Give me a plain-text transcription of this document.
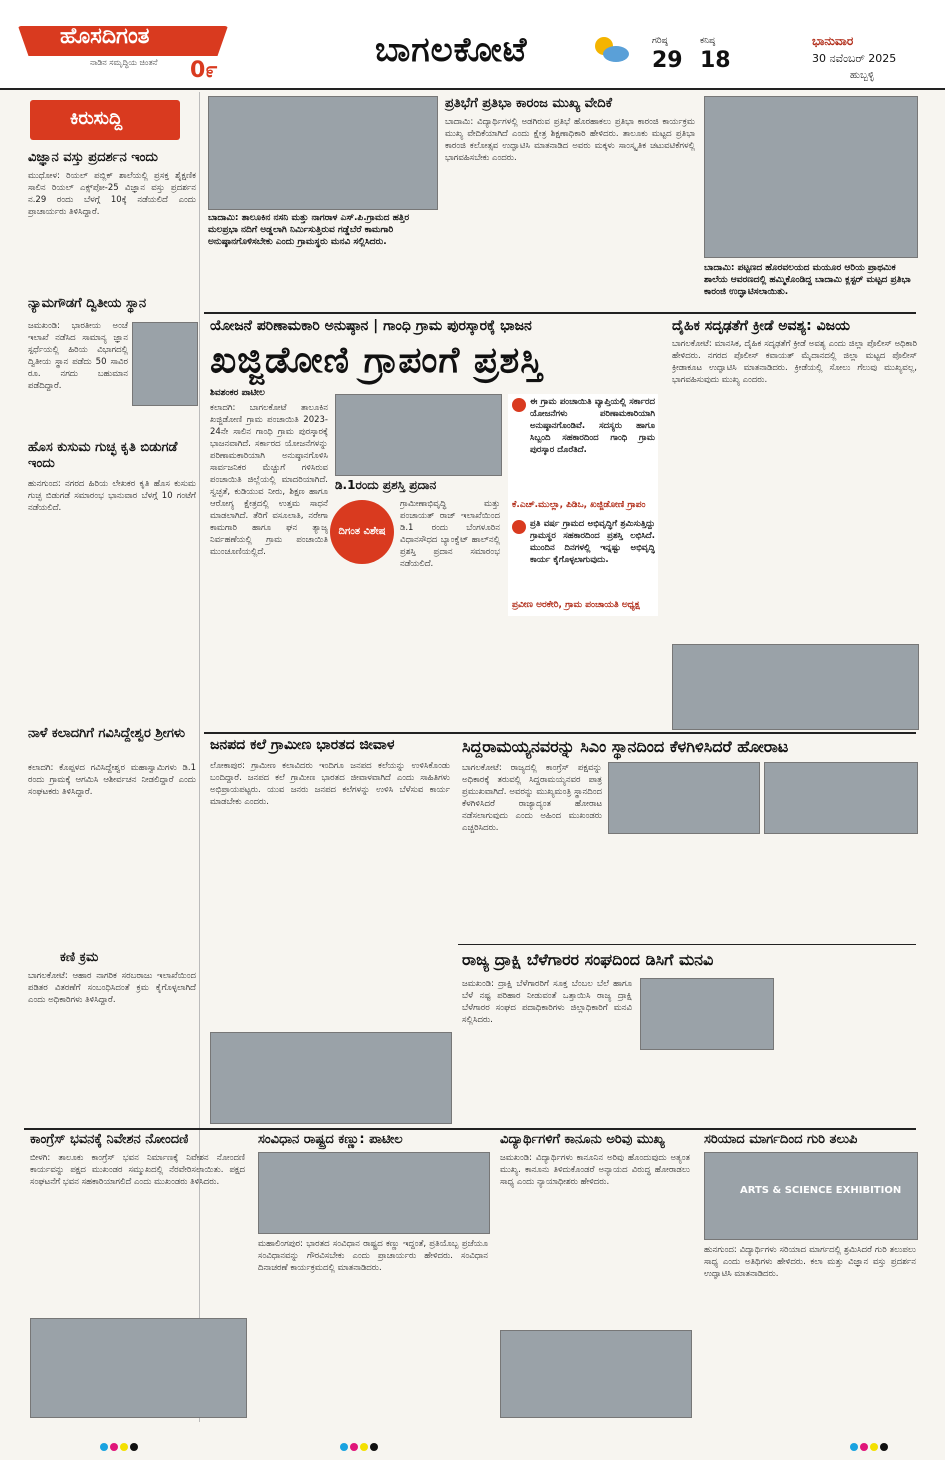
ಹೊಸದಿಗಂತ
ನಾಡಿನ ಸಮೃದ್ಧಿಯ ಚಿಂತನೆ 0೯
ಬಾಗಲಕೋಟೆ	ಗರಿಷ್ಠ
29
ಕನಿಷ್ಠ
18
ಭಾನುವಾರ
30 ನವೆಂಬರ್ 2025
ಹುಬ್ಬಳ್ಳಿ
ಕಿರುಸುದ್ದಿ
ವಿಜ್ಞಾನ ವಸ್ತು ಪ್ರದರ್ಶನ ಇಂದು
ಮುಧೋಳ: ರಿಯಲ್ ಪಬ್ಲಿಕ್ ಶಾಲೆಯಲ್ಲಿ ಪ್ರಸಕ್ತ ಶೈಕ್ಷಣಿಕ ಸಾಲಿನ ರಿಯಲ್ ಎಕ್ಸ್‌ಪೋ-25 ವಿಜ್ಞಾನ ವಸ್ತು ಪ್ರದರ್ಶನ ನ.29 ರಂದು ಬೆಳಗ್ಗೆ 10ಕ್ಕೆ ನಡೆಯಲಿದೆ ಎಂದು ಪ್ರಾಚಾರ್ಯರು ತಿಳಿಸಿದ್ದಾರೆ.
ನ್ಯಾಮಗೌಡಗೆ ದ್ವಿತೀಯ ಸ್ಥಾನ
ಜಮಖಂಡಿ: ಭಾರತೀಯ ಅಂಚೆ ಇಲಾಖೆ ನಡೆಸಿದ ಸಾಮಾನ್ಯ ಜ್ಞಾನ ಸ್ಪರ್ಧೆಯಲ್ಲಿ ಹಿರಿಯ ವಿಭಾಗದಲ್ಲಿ ದ್ವಿತೀಯ ಸ್ಥಾನ ಪಡೆದು 50 ಸಾವಿರ ರೂ. ನಗದು ಬಹುಮಾನ ಪಡೆದಿದ್ದಾರೆ.
ಹೊಸ ಕುಸುಮ ಗುಚ್ಛ ಕೃತಿ ಬಿಡುಗಡೆ ಇಂದು
ಹುನಗುಂದ: ನಗರದ ಹಿರಿಯ ಲೇಖಕರ ಕೃತಿ ಹೊಸ ಕುಸುಮ ಗುಚ್ಛ ಬಿಡುಗಡೆ ಸಮಾರಂಭ ಭಾನುವಾರ ಬೆಳಗ್ಗೆ 10 ಗಂಟೆಗೆ ನಡೆಯಲಿದೆ.
ನಾಳೆ ಕಲಾದಗಿಗೆ ಗವಿಸಿದ್ದೇಶ್ವರ ಶ್ರೀಗಳು
ಕಲಾದಗಿ: ಕೊಪ್ಪಳದ ಗವಿಸಿದ್ದೇಶ್ವರ ಮಹಾಸ್ವಾಮಿಗಳು ಡಿ.1 ರಂದು ಗ್ರಾಮಕ್ಕೆ ಆಗಮಿಸಿ ಆಶೀರ್ವಚನ ನೀಡಲಿದ್ದಾರೆ ಎಂದು ಸಂಘಟಕರು ತಿಳಿಸಿದ್ದಾರೆ.
ಕಣಿ ಕ್ರಮ
ಬಾಗಲಕೋಟೆ: ಆಹಾರ ನಾಗರಿಕ ಸರಬರಾಜು ಇಲಾಖೆಯಿಂದ ಪಡಿತರ ವಿತರಣೆಗೆ ಸಂಬಂಧಿಸಿದಂತೆ ಕ್ರಮ ಕೈಗೊಳ್ಳಲಾಗಿದೆ ಎಂದು ಅಧಿಕಾರಿಗಳು ತಿಳಿಸಿದ್ದಾರೆ.
ಬಾದಾಮಿ: ತಾಲೂಕಿನ ನಸನಿ ಮತ್ತು ನಾಗರಾಳ ಎಸ್.ಪಿ.ಗ್ರಾಮದ ಹತ್ತಿರ ಮಲಪ್ರಭಾ ನದಿಗೆ ಅಡ್ಡಲಾಗಿ ನಿರ್ಮಿಸುತ್ತಿರುವ ಗಡ್ಡೆಬೆರೆ ಕಾಮಗಾರಿ ಅನುಷ್ಠಾನಗೊಳಿಸಬೇಕು ಎಂದು ಗ್ರಾಮಸ್ಥರು ಮನವಿ ಸಲ್ಲಿಸಿದರು.
ಪ್ರತಿಭೆಗೆ ಪ್ರತಿಭಾ ಕಾರಂಜ ಮುಖ್ಯ ವೇದಿಕೆ
ಬಾದಾಮಿ: ವಿದ್ಯಾರ್ಥಿಗಳಲ್ಲಿ ಅಡಗಿರುವ ಪ್ರತಿಭೆ ಹೊರಹಾಕಲು ಪ್ರತಿಭಾ ಕಾರಂಜಿ ಕಾರ್ಯಕ್ರಮ ಮುಖ್ಯ ವೇದಿಕೆಯಾಗಿದೆ ಎಂದು ಕ್ಷೇತ್ರ ಶಿಕ್ಷಣಾಧಿಕಾರಿ ಹೇಳಿದರು. ತಾಲೂಕು ಮಟ್ಟದ ಪ್ರತಿಭಾ ಕಾರಂಜಿ ಕಲೋತ್ಸವ ಉದ್ಘಾಟಿಸಿ ಮಾತನಾಡಿದ ಅವರು ಮಕ್ಕಳು ಸಾಂಸ್ಕೃತಿಕ ಚಟುವಟಿಕೆಗಳಲ್ಲಿ ಭಾಗವಹಿಸಬೇಕು ಎಂದರು.
ಬಾದಾಮಿ: ಪಟ್ಟಣದ ಹೊರವಲಯದ ಮಯೂರ ಆರಿಯ ಪ್ರಾಥಮಿಕ ಶಾಲೆಯ ಆವರಣದಲ್ಲಿ ಹಮ್ಮಿಕೊಂಡಿದ್ದ ಬಾದಾಮಿ ಕ್ಲಸ್ಟರ್ ಮಟ್ಟದ ಪ್ರತಿಭಾ ಕಾರಂಜಿ ಉದ್ಘಾಟಿಸಲಾಯಿತು.
ಯೋಜನೆ ಪರಿಣಾಮಕಾರಿ ಅನುಷ್ಠಾನ | ಗಾಂಧಿ ಗ್ರಾಮ ಪುರಸ್ಕಾರಕ್ಕೆ ಭಾಜನ
ಖಜ್ಜಿಡೋಣಿ ಗ್ರಾಪಂಗೆ ಪ್ರಶಸ್ತಿ
ಶಿವಶಂಕರ ಪಾಟೀಲ
ಕಲಾದಗಿ: ಬಾಗಲಕೋಟೆ ತಾಲೂಕಿನ ಖಜ್ಜಿಡೋಣಿ ಗ್ರಾಮ ಪಂಚಾಯಿತಿ 2023-24ನೇ ಸಾಲಿನ ಗಾಂಧಿ ಗ್ರಾಮ ಪುರಸ್ಕಾರಕ್ಕೆ ಭಾಜನವಾಗಿದೆ. ಸರ್ಕಾರದ ಯೋಜನೆಗಳನ್ನು ಪರಿಣಾಮಕಾರಿಯಾಗಿ ಅನುಷ್ಠಾನಗೊಳಿಸಿ ಸಾರ್ವಜನಿಕರ ಮೆಚ್ಚುಗೆ ಗಳಿಸಿರುವ ಪಂಚಾಯಿತಿ ಜಿಲ್ಲೆಯಲ್ಲಿ ಮಾದರಿಯಾಗಿದೆ. ಸ್ವಚ್ಛತೆ, ಕುಡಿಯುವ ನೀರು, ಶಿಕ್ಷಣ ಹಾಗೂ ಆರೋಗ್ಯ ಕ್ಷೇತ್ರದಲ್ಲಿ ಉತ್ತಮ ಸಾಧನೆ ಮಾಡಲಾಗಿದೆ. ತೆರಿಗೆ ವಸೂಲಾತಿ, ನರೇಗಾ ಕಾಮಗಾರಿ ಹಾಗೂ ಘನ ತ್ಯಾಜ್ಯ ನಿರ್ವಹಣೆಯಲ್ಲಿ ಗ್ರಾಮ ಪಂಚಾಯಿತಿ ಮುಂಚೂಣಿಯಲ್ಲಿದೆ.
ಡಿ.1ರಂದು ಪ್ರಶಸ್ತಿ ಪ್ರದಾನ
ಗ್ರಾಮೀಣಾಭಿವೃದ್ಧಿ ಮತ್ತು ಪಂಚಾಯತ್ ರಾಜ್ ಇಲಾಖೆಯಿಂದ ಡಿ.1 ರಂದು ಬೆಂಗಳೂರಿನ ವಿಧಾನಸೌಧದ ಬ್ಯಾಂಕ್ವೆಟ್ ಹಾಲ್‌ನಲ್ಲಿ ಪ್ರಶಸ್ತಿ ಪ್ರದಾನ ಸಮಾರಂಭ ನಡೆಯಲಿದೆ.
ದಿಗಂತ ವಿಶೇಷ
ಈ ಗ್ರಾಮ ಪಂಚಾಯಿತಿ ವ್ಯಾಪ್ತಿಯಲ್ಲಿ ಸರ್ಕಾರದ ಯೋಜನೆಗಳು ಪರಿಣಾಮಕಾರಿಯಾಗಿ ಅನುಷ್ಠಾನಗೊಂಡಿವೆ. ಸದಸ್ಯರು ಹಾಗೂ ಸಿಬ್ಬಂದಿ ಸಹಕಾರದಿಂದ ಗಾಂಧಿ ಗ್ರಾಮ ಪುರಸ್ಕಾರ ದೊರೆತಿದೆ.
ಕೆ.ಎಚ್.ಮುಲ್ಲಾ, ಪಿಡಿಒ, ಖಜ್ಜಿಡೋಣಿ ಗ್ರಾಪಂ
ಪ್ರತಿ ವರ್ಷ ಗ್ರಾಮದ ಅಭಿವೃದ್ಧಿಗೆ ಶ್ರಮಿಸುತ್ತಿದ್ದು ಗ್ರಾಮಸ್ಥರ ಸಹಕಾರದಿಂದ ಪ್ರಶಸ್ತಿ ಲಭಿಸಿದೆ. ಮುಂದಿನ ದಿನಗಳಲ್ಲಿ ಇನ್ನಷ್ಟು ಅಭಿವೃದ್ಧಿ ಕಾರ್ಯ ಕೈಗೊಳ್ಳಲಾಗುವುದು.
ಪ್ರವೀಣ ಅರಕೇರಿ, ಗ್ರಾಮ ಪಂಚಾಯತಿ ಅಧ್ಯಕ್ಷ
ದೈಹಿಕ ಸದೃಢತೆಗೆ ಕ್ರೀಡೆ ಅವಶ್ಯ: ವಿಜಯ
ಬಾಗಲಕೋಟೆ: ಮಾನಸಿಕ, ದೈಹಿಕ ಸದೃಢತೆಗೆ ಕ್ರೀಡೆ ಅವಶ್ಯ ಎಂದು ಜಿಲ್ಲಾ ಪೊಲೀಸ್ ಅಧಿಕಾರಿ ಹೇಳಿದರು. ನಗರದ ಪೊಲೀಸ್ ಕವಾಯತ್ ಮೈದಾನದಲ್ಲಿ ಜಿಲ್ಲಾ ಮಟ್ಟದ ಪೊಲೀಸ್ ಕ್ರೀಡಾಕೂಟ ಉದ್ಘಾಟಿಸಿ ಮಾತನಾಡಿದರು. ಕ್ರೀಡೆಯಲ್ಲಿ ಸೋಲು ಗೆಲುವು ಮುಖ್ಯವಲ್ಲ, ಭಾಗವಹಿಸುವುದು ಮುಖ್ಯ ಎಂದರು.
ಜನಪದ ಕಲೆ ಗ್ರಾಮೀಣ ಭಾರತದ ಜೀವಾಳ
ಲೋಕಾಪುರ: ಗ್ರಾಮೀಣ ಕಲಾವಿದರು ಇಂದಿಗೂ ಜನಪದ ಕಲೆಯನ್ನು ಉಳಿಸಿಕೊಂಡು ಬಂದಿದ್ದಾರೆ. ಜನಪದ ಕಲೆ ಗ್ರಾಮೀಣ ಭಾರತದ ಜೀವಾಳವಾಗಿದೆ ಎಂದು ಸಾಹಿತಿಗಳು ಅಭಿಪ್ರಾಯಪಟ್ಟರು. ಯುವ ಜನರು ಜನಪದ ಕಲೆಗಳನ್ನು ಉಳಿಸಿ ಬೆಳೆಸುವ ಕಾರ್ಯ ಮಾಡಬೇಕು ಎಂದರು.
ಸಿದ್ದರಾಮಯ್ಯನವರನ್ನು ಸಿಎಂ ಸ್ಥಾನದಿಂದ ಕೆಳಗಿಳಿಸಿದರೆ ಹೋರಾಟ
ಬಾಗಲಕೋಟೆ: ರಾಜ್ಯದಲ್ಲಿ ಕಾಂಗ್ರೆಸ್ ಪಕ್ಷವನ್ನು ಅಧಿಕಾರಕ್ಕೆ ತರುವಲ್ಲಿ ಸಿದ್ದರಾಮಯ್ಯನವರ ಪಾತ್ರ ಪ್ರಮುಖವಾಗಿದೆ. ಅವರನ್ನು ಮುಖ್ಯಮಂತ್ರಿ ಸ್ಥಾನದಿಂದ ಕೆಳಗಿಳಿಸಿದರೆ ರಾಜ್ಯಾದ್ಯಂತ ಹೋರಾಟ ನಡೆಸಲಾಗುವುದು ಎಂದು ಅಹಿಂದ ಮುಖಂಡರು ಎಚ್ಚರಿಸಿದರು.
ರಾಜ್ಯ ದ್ರಾಕ್ಷಿ ಬೆಳೆಗಾರರ ಸಂಘದಿಂದ ಡಿಸಿಗೆ ಮನವಿ
ಜಮಖಂಡಿ: ದ್ರಾಕ್ಷಿ ಬೆಳೆಗಾರರಿಗೆ ಸೂಕ್ತ ಬೆಂಬಲ ಬೆಲೆ ಹಾಗೂ ಬೆಳೆ ನಷ್ಟ ಪರಿಹಾರ ನೀಡುವಂತೆ ಒತ್ತಾಯಿಸಿ ರಾಜ್ಯ ದ್ರಾಕ್ಷಿ ಬೆಳೆಗಾರರ ಸಂಘದ ಪದಾಧಿಕಾರಿಗಳು ಜಿಲ್ಲಾಧಿಕಾರಿಗೆ ಮನವಿ ಸಲ್ಲಿಸಿದರು.
ಕಾಂಗ್ರೆಸ್ ಭವನಕ್ಕೆ ನಿವೇಶನ ನೋಂದಣಿ
ಬೀಳಗಿ: ತಾಲೂಕು ಕಾಂಗ್ರೆಸ್ ಭವನ ನಿರ್ಮಾಣಕ್ಕೆ ನಿವೇಶನ ನೋಂದಣಿ ಕಾರ್ಯವನ್ನು ಪಕ್ಷದ ಮುಖಂಡರ ಸಮ್ಮುಖದಲ್ಲಿ ನೆರವೇರಿಸಲಾಯಿತು. ಪಕ್ಷದ ಸಂಘಟನೆಗೆ ಭವನ ಸಹಕಾರಿಯಾಗಲಿದೆ ಎಂದು ಮುಖಂಡರು ತಿಳಿಸಿದರು.
ಸಂವಿಧಾನ ರಾಷ್ಟ್ರದ ಕಣ್ಣು: ಪಾಟೀಲ
ಮಹಾಲಿಂಗಪುರ: ಭಾರತದ ಸಂವಿಧಾನ ರಾಷ್ಟ್ರದ ಕಣ್ಣು ಇದ್ದಂತೆ, ಪ್ರತಿಯೊಬ್ಬ ಪ್ರಜೆಯೂ ಸಂವಿಧಾನವನ್ನು ಗೌರವಿಸಬೇಕು ಎಂದು ಪ್ರಾಚಾರ್ಯರು ಹೇಳಿದರು. ಸಂವಿಧಾನ ದಿನಾಚರಣೆ ಕಾರ್ಯಕ್ರಮದಲ್ಲಿ ಮಾತನಾಡಿದರು.
ವಿದ್ಯಾರ್ಥಿಗಳಿಗೆ ಕಾನೂನು ಅರಿವು ಮುಖ್ಯ
ಜಮಖಂಡಿ: ವಿದ್ಯಾರ್ಥಿಗಳು ಕಾನೂನಿನ ಅರಿವು ಹೊಂದುವುದು ಅತ್ಯಂತ ಮುಖ್ಯ. ಕಾನೂನು ತಿಳಿದುಕೊಂಡರೆ ಅನ್ಯಾಯದ ವಿರುದ್ಧ ಹೋರಾಡಲು ಸಾಧ್ಯ ಎಂದು ನ್ಯಾಯಾಧೀಶರು ಹೇಳಿದರು.
ಸರಿಯಾದ ಮಾರ್ಗದಿಂದ ಗುರಿ ತಲುಪಿ
ARTS & SCIENCE EXHIBITION
ಹುನಗುಂದ: ವಿದ್ಯಾರ್ಥಿಗಳು ಸರಿಯಾದ ಮಾರ್ಗದಲ್ಲಿ ಶ್ರಮಿಸಿದರೆ ಗುರಿ ತಲುಪಲು ಸಾಧ್ಯ ಎಂದು ಅತಿಥಿಗಳು ಹೇಳಿದರು. ಕಲಾ ಮತ್ತು ವಿಜ್ಞಾನ ವಸ್ತು ಪ್ರದರ್ಶನ ಉದ್ಘಾಟಿಸಿ ಮಾತನಾಡಿದರು.
